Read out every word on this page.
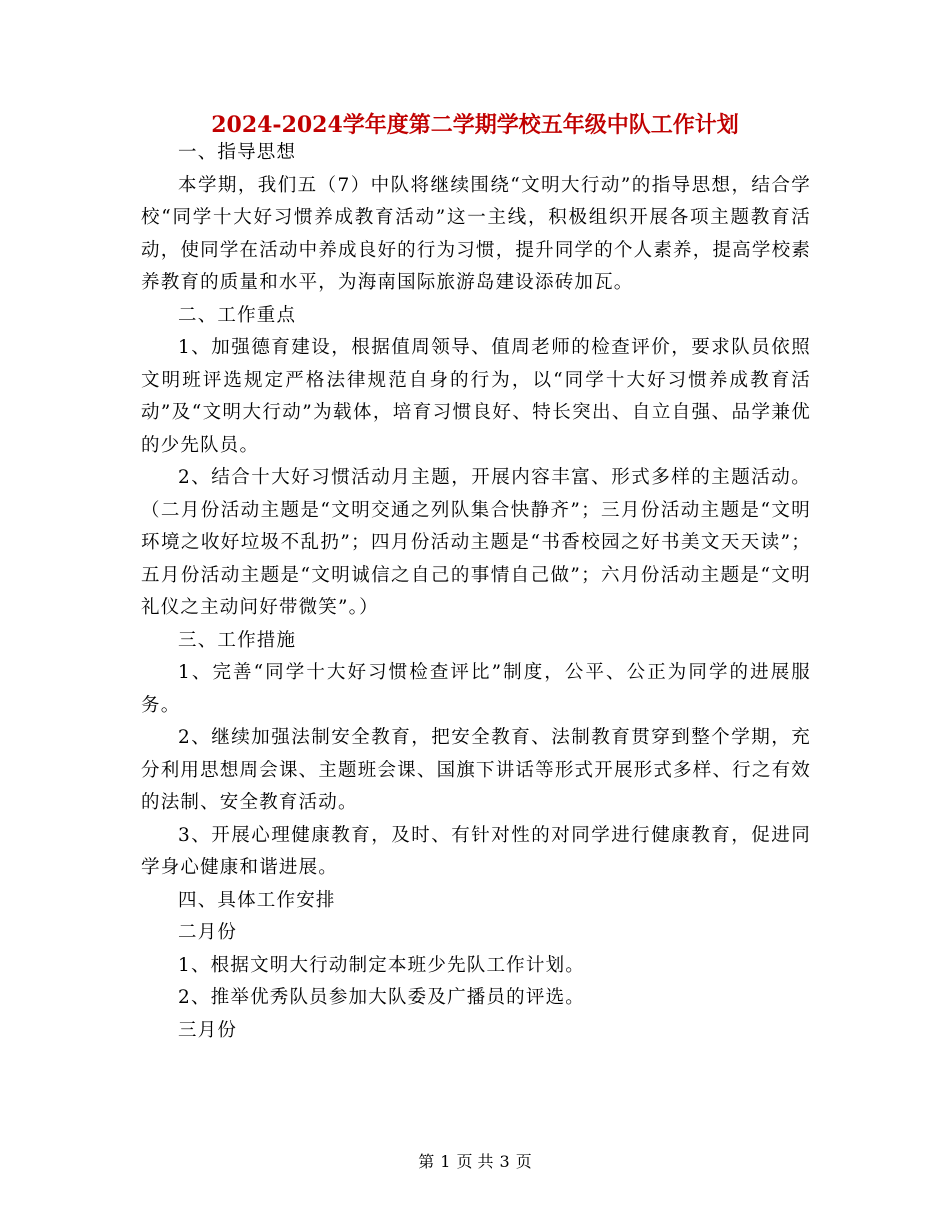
2024-2024学年度第二学期学校五年级中队工作计划

一、指导思想

本学期，我们五（7）中队将继续围绕“文明大行动”的指导思想，结合学校“同学十大好习惯养成教育活动”这一主线，积极组织开展各项主题教育活动，使同学在活动中养成良好的行为习惯，提升同学的个人素养，提高学校素养教育的质量和水平，为海南国际旅游岛建设添砖加瓦。

二、工作重点

1、加强德育建设，根据值周领导、值周老师的检查评价，要求队员依照文明班评选规定严格法律规范自身的行为，以“同学十大好习惯养成教育活动”及“文明大行动”为载体，培育习惯良好、特长突出、自立自强、品学兼优的少先队员。

2、结合十大好习惯活动月主题，开展内容丰富、形式多样的主题活动。（二月份活动主题是“文明交通之列队集合快静齐”；三月份活动主题是“文明环境之收好垃圾不乱扔”；四月份活动主题是“书香校园之好书美文天天读”；五月份活动主题是“文明诚信之自己的事情自己做”；六月份活动主题是“文明礼仪之主动问好带微笑”。）

三、工作措施

1、完善“同学十大好习惯检查评比”制度，公平、公正为同学的进展服务。

2、继续加强法制安全教育，把安全教育、法制教育贯穿到整个学期，充分利用思想周会课、主题班会课、国旗下讲话等形式开展形式多样、行之有效的法制、安全教育活动。

3、开展心理健康教育，及时、有针对性的对同学进行健康教育，促进同学身心健康和谐进展。

四、具体工作安排

二月份

1、根据文明大行动制定本班少先队工作计划。

2、推举优秀队员参加大队委及广播员的评选。

三月份

第 1 页 共 3 页
